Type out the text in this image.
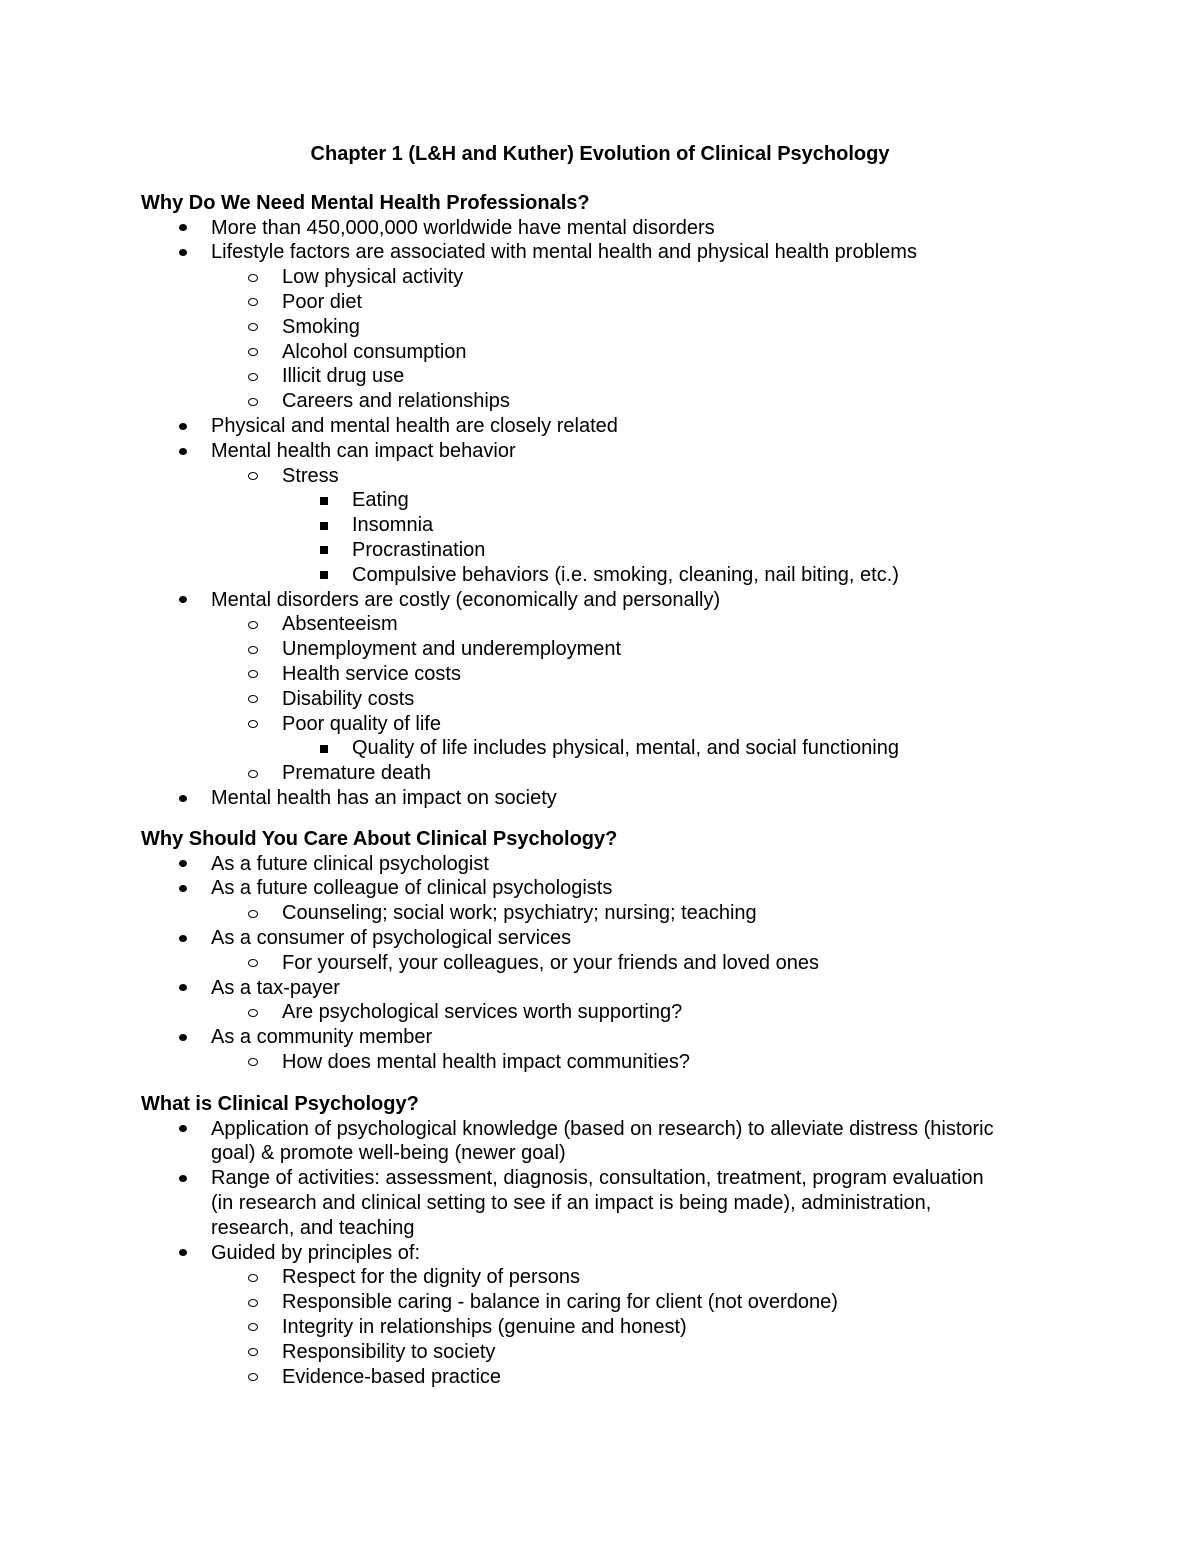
Chapter 1 (L&H and Kuther) Evolution of Clinical Psychology
Why Do We Need Mental Health Professionals?
More than 450,000,000 worldwide have mental disorders
Lifestyle factors are associated with mental health and physical health problems
Low physical activity
Poor diet
Smoking
Alcohol consumption
Illicit drug use
Careers and relationships
Physical and mental health are closely related
Mental health can impact behavior
Stress
Eating
Insomnia
Procrastination
Compulsive behaviors (i.e. smoking, cleaning, nail biting, etc.)
Mental disorders are costly (economically and personally)
Absenteeism
Unemployment and underemployment
Health service costs
Disability costs
Poor quality of life
Quality of life includes physical, mental, and social functioning
Premature death
Mental health has an impact on society
Why Should You Care About Clinical Psychology?
As a future clinical psychologist
As a future colleague of clinical psychologists
Counseling; social work; psychiatry; nursing; teaching
As a consumer of psychological services
For yourself, your colleagues, or your friends and loved ones
As a tax-payer
Are psychological services worth supporting?
As a community member
How does mental health impact communities?
What is Clinical Psychology?
Application of psychological knowledge (based on research) to alleviate distress (historic
goal) & promote well-being (newer goal)
Range of activities: assessment, diagnosis, consultation, treatment, program evaluation
(in research and clinical setting to see if an impact is being made), administration,
research, and teaching
Guided by principles of:
Respect for the dignity of persons
Responsible caring - balance in caring for client (not overdone)
Integrity in relationships (genuine and honest)
Responsibility to society
Evidence-based practice
